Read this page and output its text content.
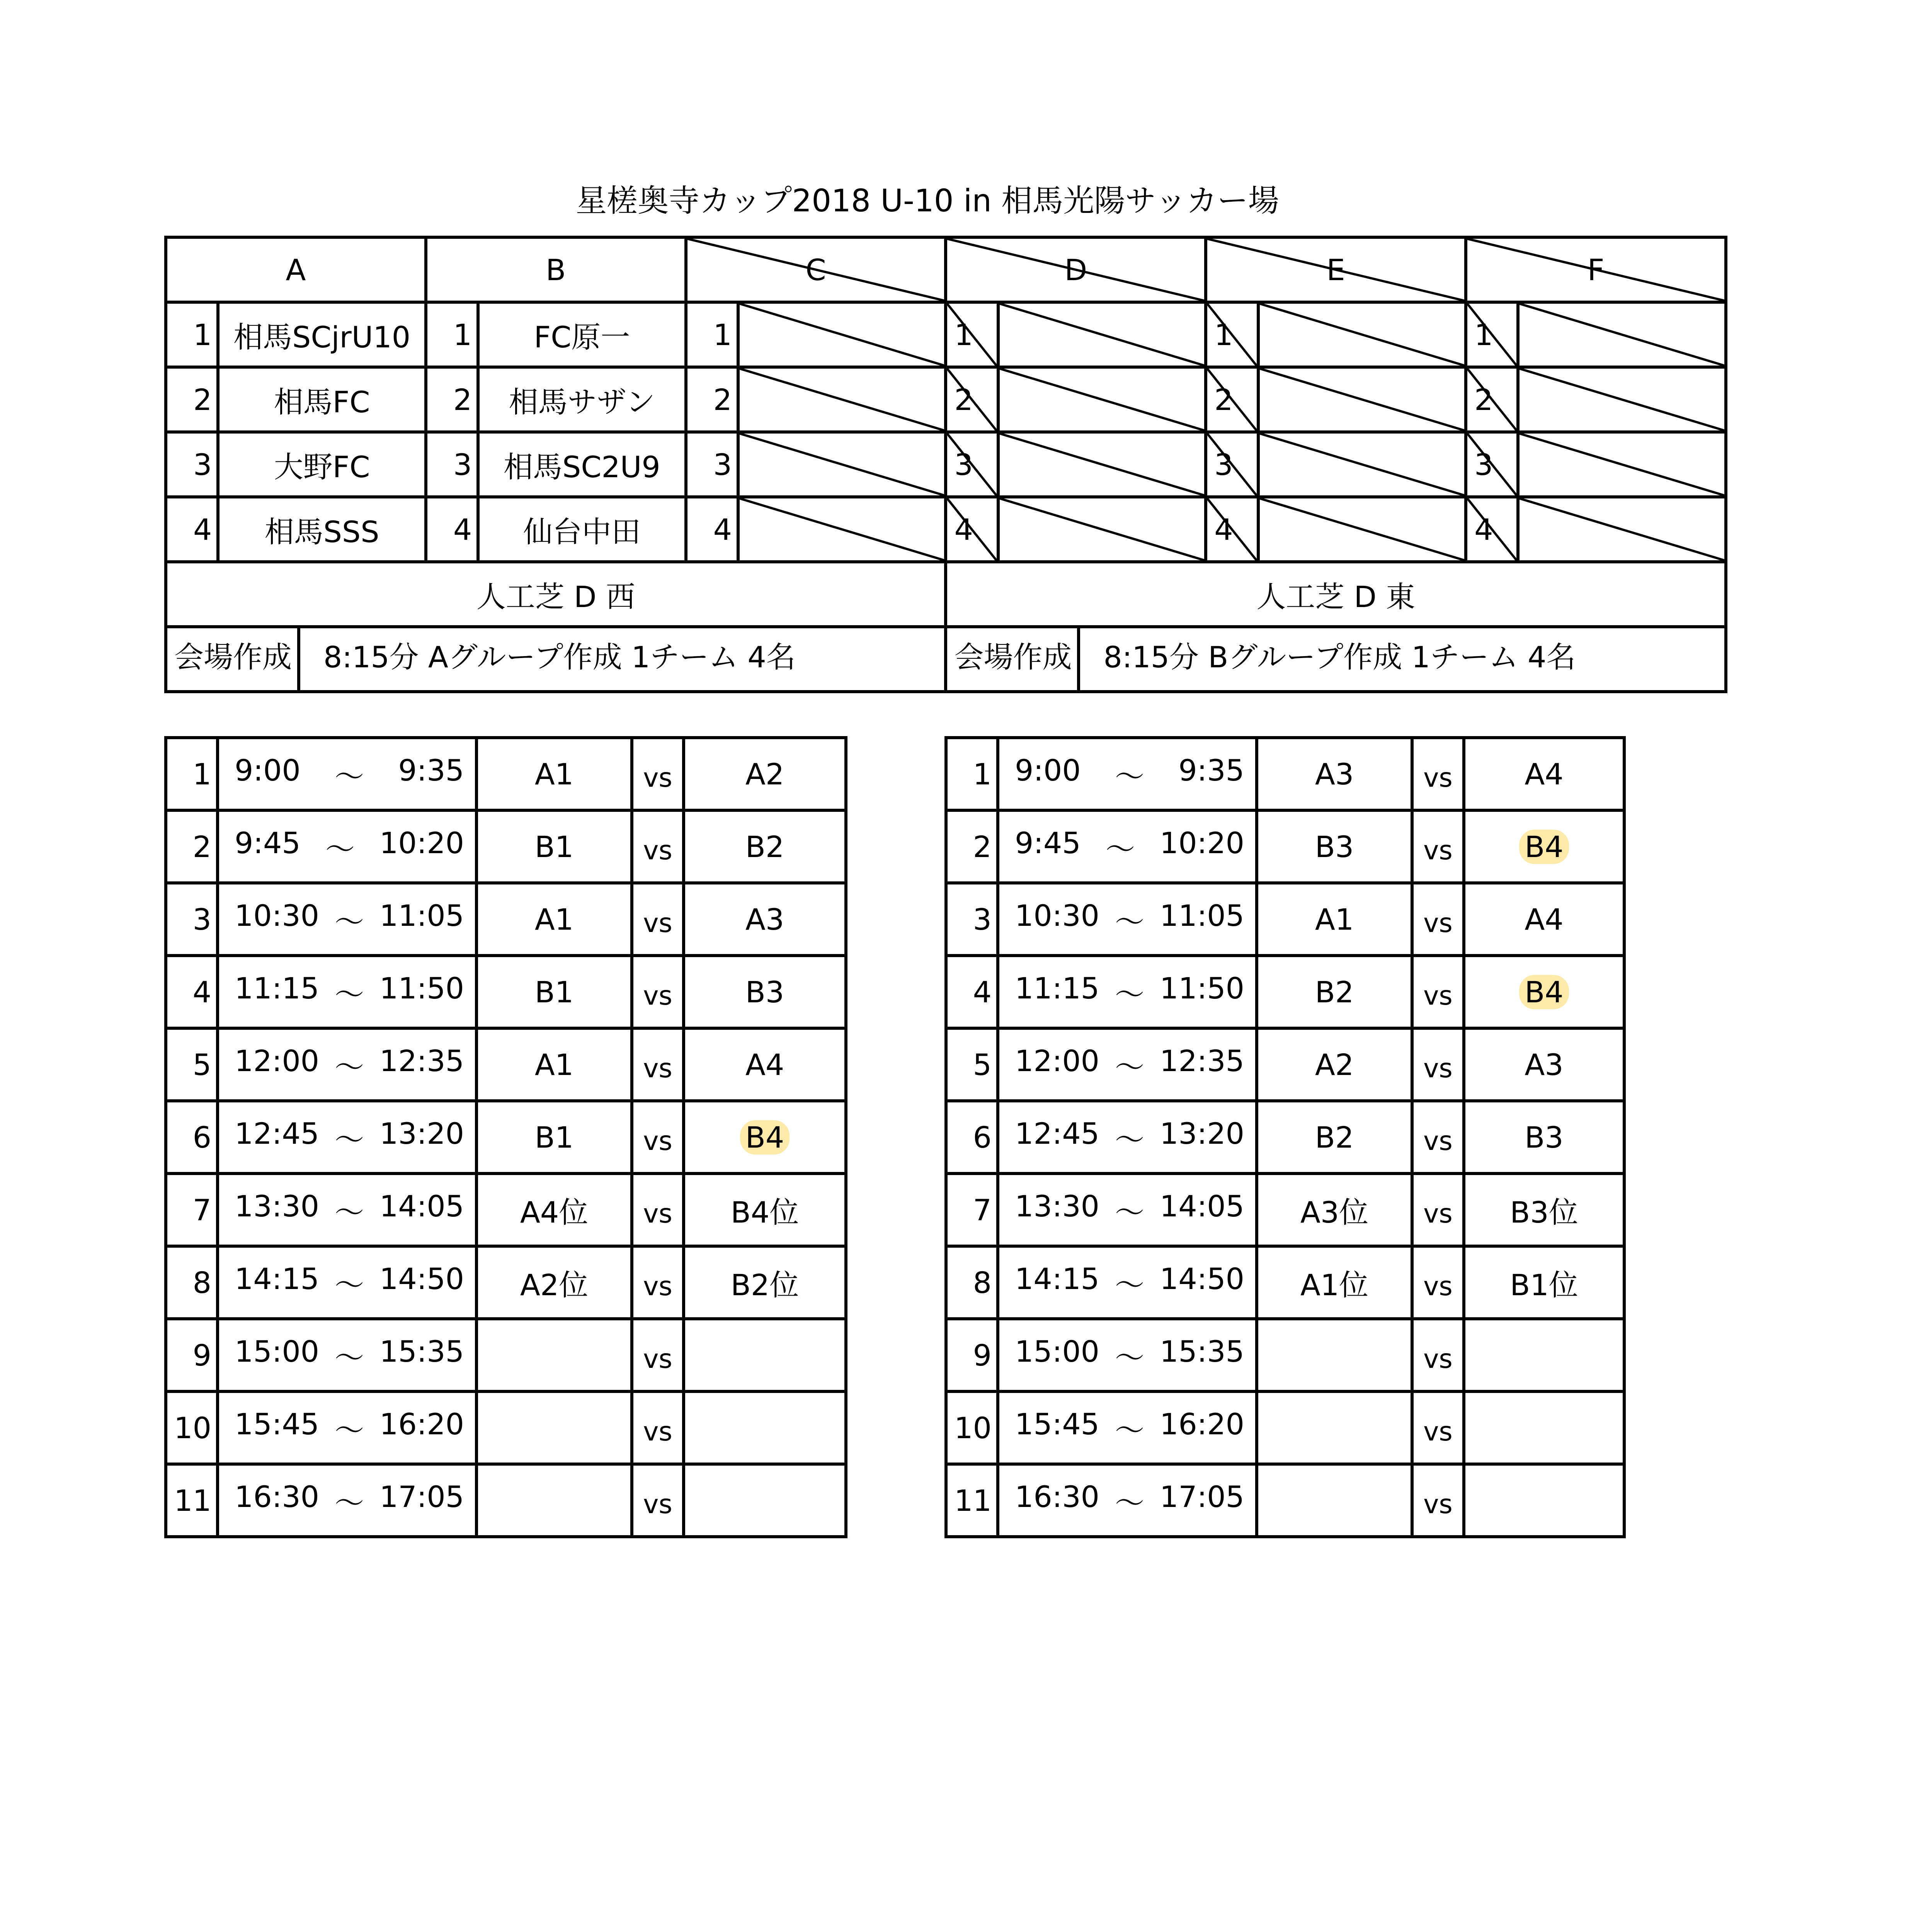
星槎奥寺カップ2018 U-10 in 相馬光陽サッカー場
A		B		C		D		E		F	
1	相馬SCjrU10	1	FC原一	1		1		1		1	

2	相馬FC	2	相馬サザン	2		2		2		2	

3	大野FC	3	相馬SC2U9	3		3		3		3	

4	相馬SSS	4	仙台中田	4		4		4		4	

人工芝 D 西						人工芝 D 東					
会場作成 8:15分 Aグループ作成 1チーム 4名						会場作成 8:15分 Bグループ作成 1チーム 4名					
1	9:00 〜 9:35	A1	vs	A2
2	9:45 〜 10:20	B1	vs	B2
3	10:30 〜 11:05	A1	vs	A3
4	11:15 〜 11:50	B1	vs	B3
5	12:00 〜 12:35	A1	vs	A4
6	12:45 〜 13:20	B1	vs	B4
7	13:30 〜 14:05	A4位	vs	B4位
8	14:15 〜 14:50	A2位	vs	B2位
9	15:00 〜 15:35		vs	
10	15:45 〜 16:20		vs	
11	16:30 〜 17:05		vs	
1	9:00 〜 9:35	A3	vs	A4
2	9:45 〜 10:20	B3	vs	B4
3	10:30 〜 11:05	A1	vs	A4
4	11:15 〜 11:50	B2	vs	B4
5	12:00 〜 12:35	A2	vs	A3
6	12:45 〜 13:20	B2	vs	B3
7	13:30 〜 14:05	A3位	vs	B3位
8	14:15 〜 14:50	A1位	vs	B1位
9	15:00 〜 15:35		vs	
10	15:45 〜 16:20		vs	
11	16:30 〜 17:05		vs	
